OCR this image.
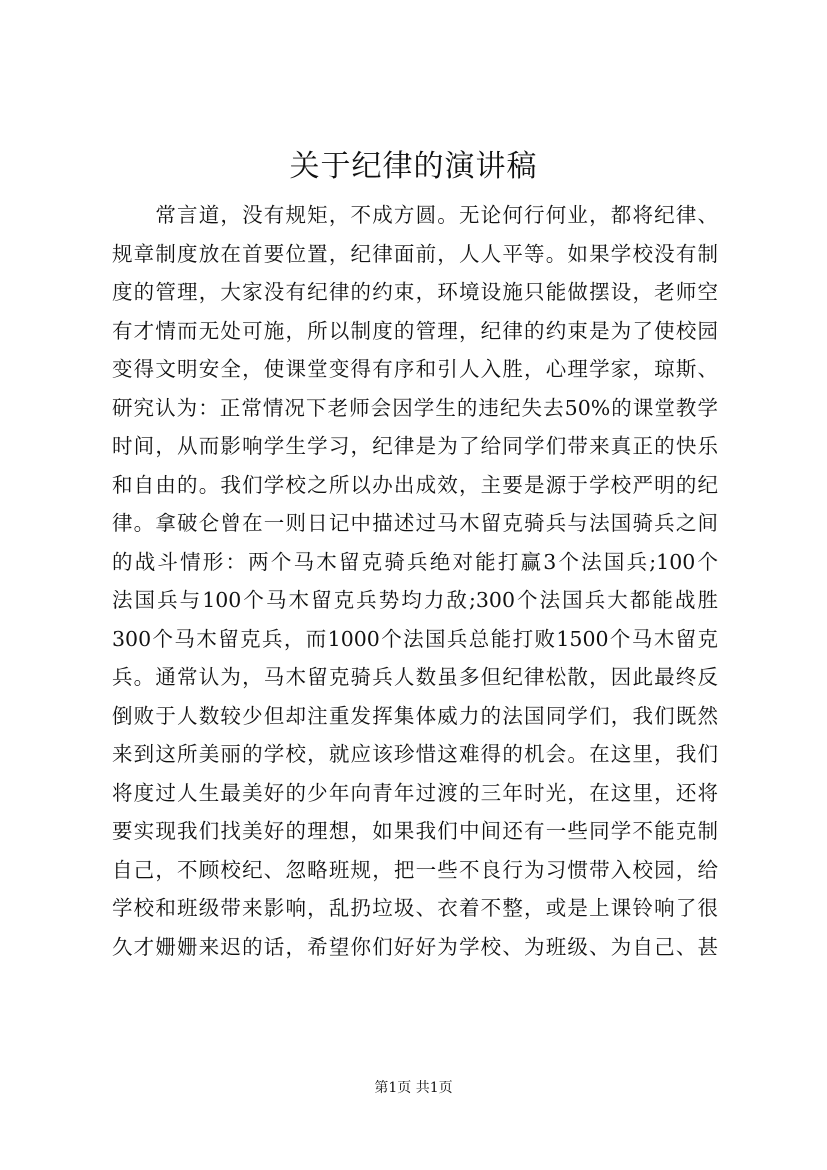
关于纪律的演讲稿
　　常言道，没有规矩，不成方圆。无论何行何业，都将纪律、
规章制度放在首要位置，纪律面前，人人平等。如果学校没有制
度的管理，大家没有纪律的约束，环境设施只能做摆设，老师空
有才情而无处可施，所以制度的管理，纪律的约束是为了使校园
变得文明安全，使课堂变得有序和引人入胜，心理学家，琼斯、
研究认为：正常情况下老师会因学生的违纪失去50%的课堂教学
时间，从而影响学生学习，纪律是为了给同学们带来真正的快乐
和自由的。我们学校之所以办出成效，主要是源于学校严明的纪
律。拿破仑曾在一则日记中描述过马木留克骑兵与法国骑兵之间
的战斗情形：两个马木留克骑兵绝对能打赢3个法国兵;100个
法国兵与100个马木留克兵势均力敌;300个法国兵大都能战胜
300个马木留克兵，而1000个法国兵总能打败1500个马木留克
兵。通常认为，马木留克骑兵人数虽多但纪律松散，因此最终反
倒败于人数较少但却注重发挥集体威力的法国同学们，我们既然
来到这所美丽的学校，就应该珍惜这难得的机会。在这里，我们
将度过人生最美好的少年向青年过渡的三年时光，在这里，还将
要实现我们找美好的理想，如果我们中间还有一些同学不能克制
自己，不顾校纪、忽略班规，把一些不良行为习惯带入校园，给
学校和班级带来影响，乱扔垃圾、衣着不整，或是上课铃响了很
久才姗姗来迟的话，希望你们好好为学校、为班级、为自己、甚
第1页 共1页
